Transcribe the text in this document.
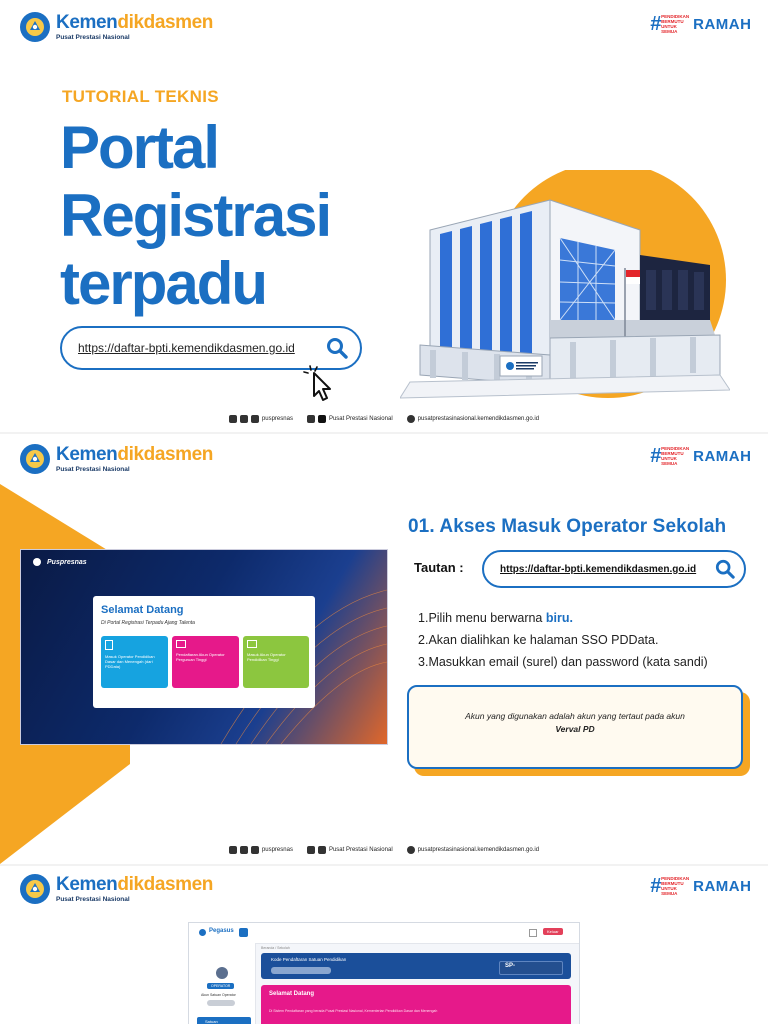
Kemendikdasmen
Pusat Prestasi Nasional
# PENDIDIKAN BERMUTU UNTUK SEMUA	RAMAH
TUTORIAL TEKNIS
Portal
Registrasi
terpadu
https://daftar-bpti.kemendikdasmen.go.id
puspresnas	Pusat Prestasi Nasional	pusatprestasinasional.kemendikdasmen.go.id
Kemendikdasmen
Pusat Prestasi Nasional
# PENDIDIKAN BERMUTU UNTUK SEMUA	RAMAH
Puspresnas
Selamat Datang
Di Portal Registrasi Terpadu Ajang Talenta
Masuk Operator Pendidikan Dasar dan Menengah (dari PDData)
Pendaftaran Akun Operator Perguruan Tinggi
Masuk Akun Operator Pendidikan Tinggi
01. Akses Masuk Operator Sekolah
Tautan :	https://daftar-bpti.kemendikdasmen.go.id
1.Pilih menu berwarna biru.
2.Akan dialihkan ke halaman SSO PDData.
3.Masukkan email (surel) dan password (kata sandi)
Akun yang digunakan adalah akun yang tertaut pada akun
Verval PD
puspresnas	Pusat Prestasi Nasional	pusatprestasinasional.kemendikdasmen.go.id
Kemendikdasmen
Pusat Prestasi Nasional
# PENDIDIKAN BERMUTU UNTUK SEMUA	RAMAH
Pegasus	Keluar
OPERATOR
Akun Satuan Operator
Satuan
Beranda / Sekolah
Kode Pendaftaran Satuan Pendidikan
SP-
Selamat Datang
Di Sistem Pendaftaran yang berada Pusat Prestasi Nasional, Kementerian Pendidikan Dasar dan Menengah
